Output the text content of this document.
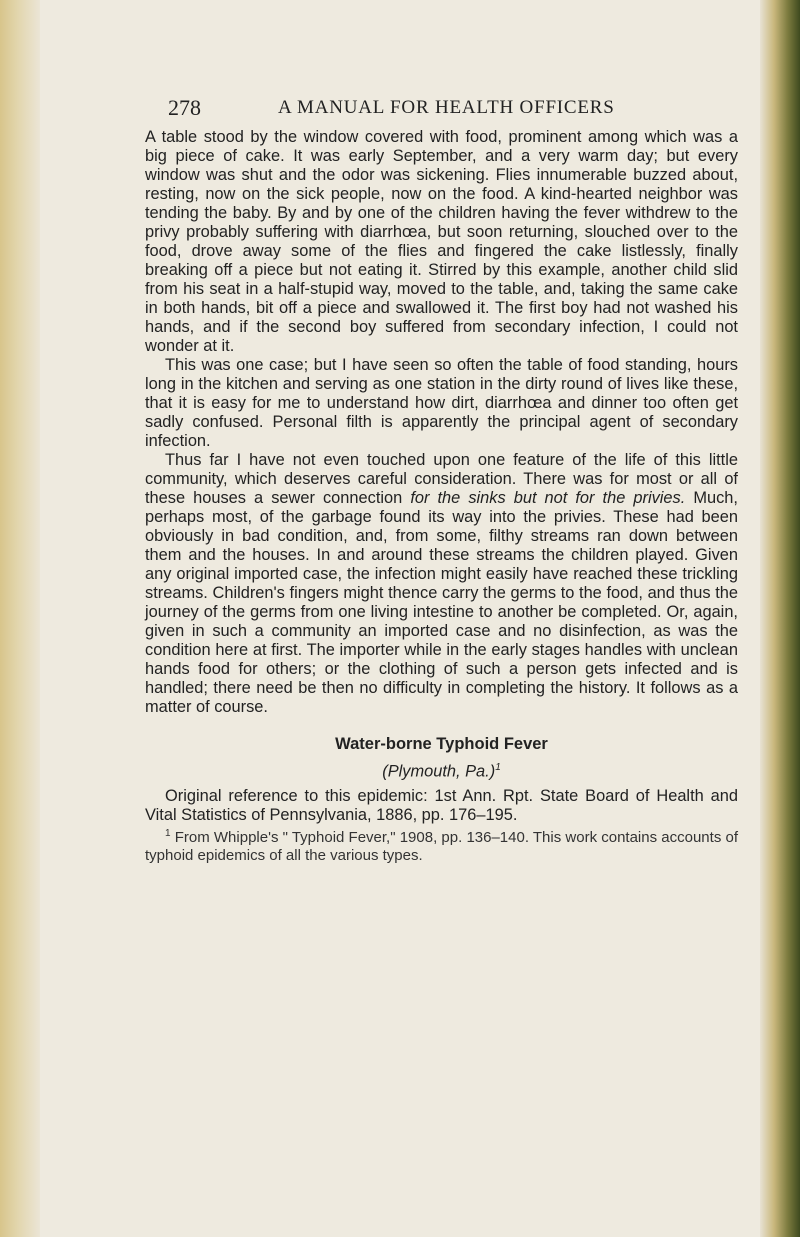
278	A MANUAL FOR HEALTH OFFICERS

A table stood by the window covered with food, prominent among which was a big piece of cake. It was early September, and a very warm day; but every window was shut and the odor was sickening. Flies innumerable buzzed about, resting, now on the sick people, now on the food. A kind-hearted neighbor was tending the baby. By and by one of the children having the fever withdrew to the privy probably suffering with diarrhœa, but soon returning, slouched over to the food, drove away some of the flies and fingered the cake listlessly, finally breaking off a piece but not eating it. Stirred by this example, another child slid from his seat in a half-stupid way, moved to the table, and, taking the same cake in both hands, bit off a piece and swallowed it. The first boy had not washed his hands, and if the second boy suffered from secondary infection, I could not wonder at it.

This was one case; but I have seen so often the table of food standing, hours long in the kitchen and serving as one station in the dirty round of lives like these, that it is easy for me to understand how dirt, diarrhœa and dinner too often get sadly confused. Personal filth is apparently the principal agent of secondary infection.

Thus far I have not even touched upon one feature of the life of this little community, which deserves careful consideration. There was for most or all of these houses a sewer connection for the sinks but not for the privies. Much, perhaps most, of the garbage found its way into the privies. These had been obviously in bad condition, and, from some, filthy streams ran down between them and the houses. In and around these streams the children played. Given any original imported case, the infection might easily have reached these trickling streams. Children's fingers might thence carry the germs to the food, and thus the journey of the germs from one living intestine to another be completed. Or, again, given in such a community an imported case and no disinfection, as was the condition here at first. The importer while in the early stages handles with unclean hands food for others; or the clothing of such a person gets infected and is handled; there need be then no difficulty in completing the history. It follows as a matter of course.

Water-borne Typhoid Fever
(Plymouth, Pa.)$^1$

Original reference to this epidemic: 1st Ann. Rpt. State Board of Health and Vital Statistics of Pennsylvania, 1886, pp. 176–195.

$^1$ From Whipple's " Typhoid Fever," 1908, pp. 136–140. This work contains accounts of typhoid epidemics of all the various types.
